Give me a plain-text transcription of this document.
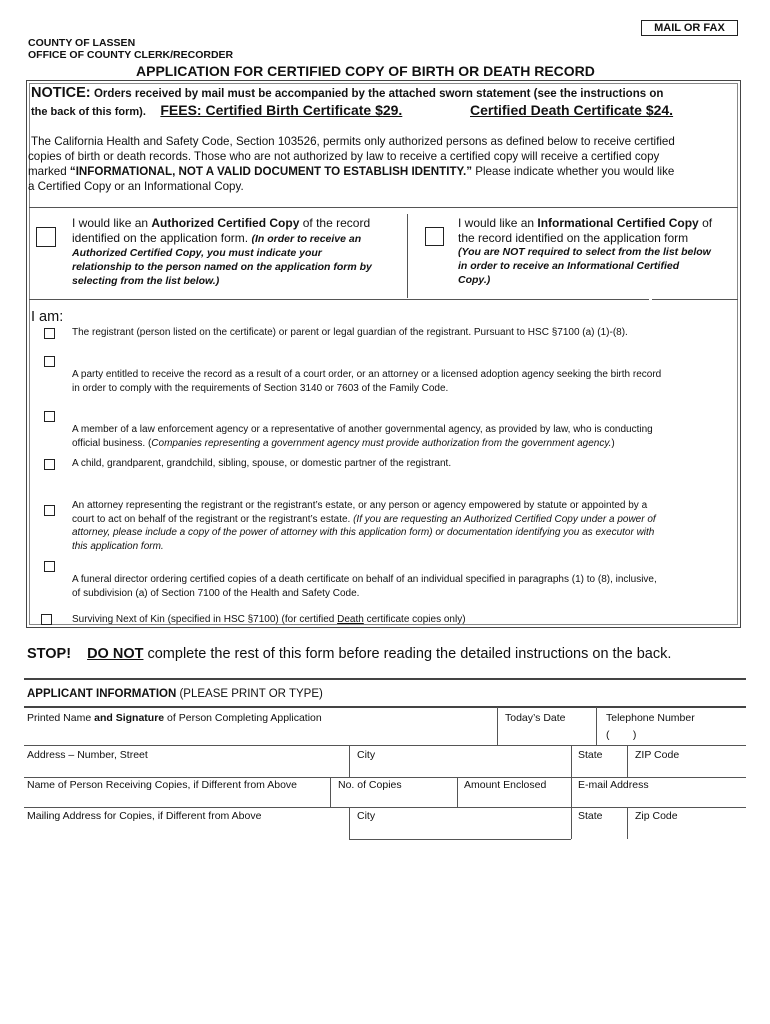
MAIL OR FAX
COUNTY OF LASSEN
OFFICE OF COUNTY CLERK/RECORDER
APPLICATION FOR CERTIFIED COPY OF BIRTH OR DEATH RECORD
NOTICE: Orders received by mail must be accompanied by the attached sworn statement (see the instructions on
the back of this form). FEES: Certified Birth Certificate $29.	Certified Death Certificate $24.
The California Health and Safety Code, Section 103526, permits only authorized persons as defined below to receive certified
copies of birth or death records. Those who are not authorized by law to receive a certified copy will receive a certified copy
marked “INFORMATIONAL, NOT A VALID DOCUMENT TO ESTABLISH IDENTITY.” Please indicate whether you would like
a Certified Copy or an Informational Copy.
I would like an Authorized Certified Copy of the record
identified on the application form. (In order to receive an
Authorized Certified Copy, you must indicate your
relationship to the person named on the application form by
selecting from the list below.)
I would like an Informational Certified Copy of
the record identified on the application form
(You are NOT required to select from the list below
in order to receive an Informational Certified
Copy.)
I am:
The registrant (person listed on the certificate) or parent or legal guardian of the registrant. Pursuant to HSC §7100 (a) (1)-(8).
A party entitled to receive the record as a result of a court order, or an attorney or a licensed adoption agency seeking the birth record
in order to comply with the requirements of Section 3140 or 7603 of the Family Code.
A member of a law enforcement agency or a representative of another governmental agency, as provided by law, who is conducting
official business. (Companies representing a government agency must provide authorization from the government agency.)
A child, grandparent, grandchild, sibling, spouse, or domestic partner of the registrant.
An attorney representing the registrant or the registrant’s estate, or any person or agency empowered by statute or appointed by a
court to act on behalf of the registrant or the registrant’s estate. (If you are requesting an Authorized Certified Copy under a power of
attorney, please include a copy of the power of attorney with this application form) or documentation identifying you as executor with
this application form.
A funeral director ordering certified copies of a death certificate on behalf of an individual specified in paragraphs (1) to (8), inclusive,
of subdivision (a) of Section 7100 of the Health and Safety Code.
Surviving Next of Kin (specified in HSC §7100) (for certified Death certificate copies only)
STOP! DO NOT complete the rest of this form before reading the detailed instructions on the back.
APPLICANT INFORMATION (PLEASE PRINT OR TYPE)
Printed Name and Signature of Person Completing Application	Today’s Date	Telephone Number
(        )
Address – Number, Street	City	State	ZIP Code
Name of Person Receiving Copies, if Different from Above	No. of Copies	Amount Enclosed	E-mail Address
Mailing Address for Copies, if Different from Above	City	State	Zip Code
